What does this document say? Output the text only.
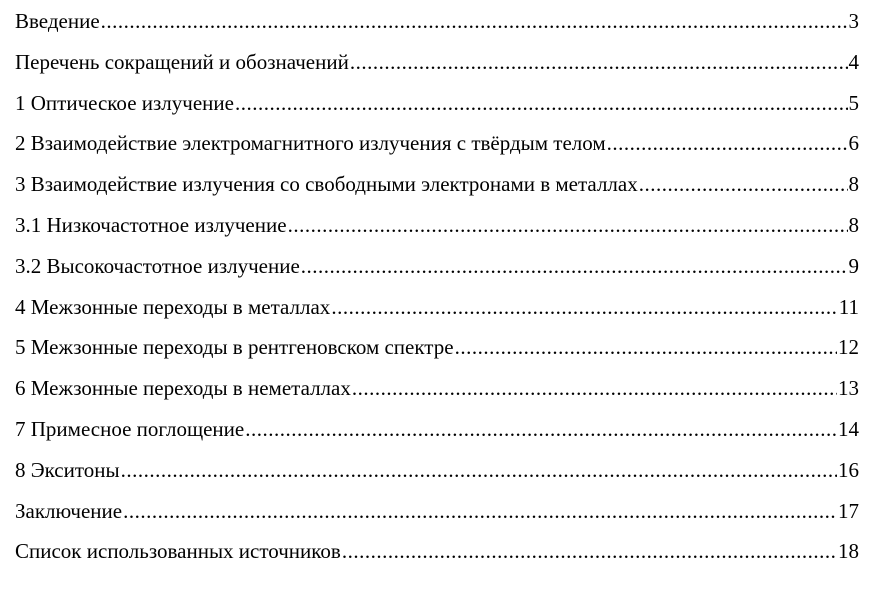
Введение .....	3
Перечень сокращений и обозначений .....	4
1 Оптическое излучение .....	5
2 Взаимодействие электромагнитного излучения с твёрдым телом .....	6
3 Взаимодействие излучения со свободными электронами в металлах .....	8
3.1 Низкочастотное излучение .....	8
3.2 Высокочастотное излучение .....	9
4 Межзонные переходы в металлах .....	11
5 Межзонные переходы в рентгеновском спектре .....	12
6 Межзонные переходы в неметаллах .....	13
7 Примесное поглощение .....	14
8 Экситоны .....	16
Заключение .....	17
Список использованных источников .....	18
